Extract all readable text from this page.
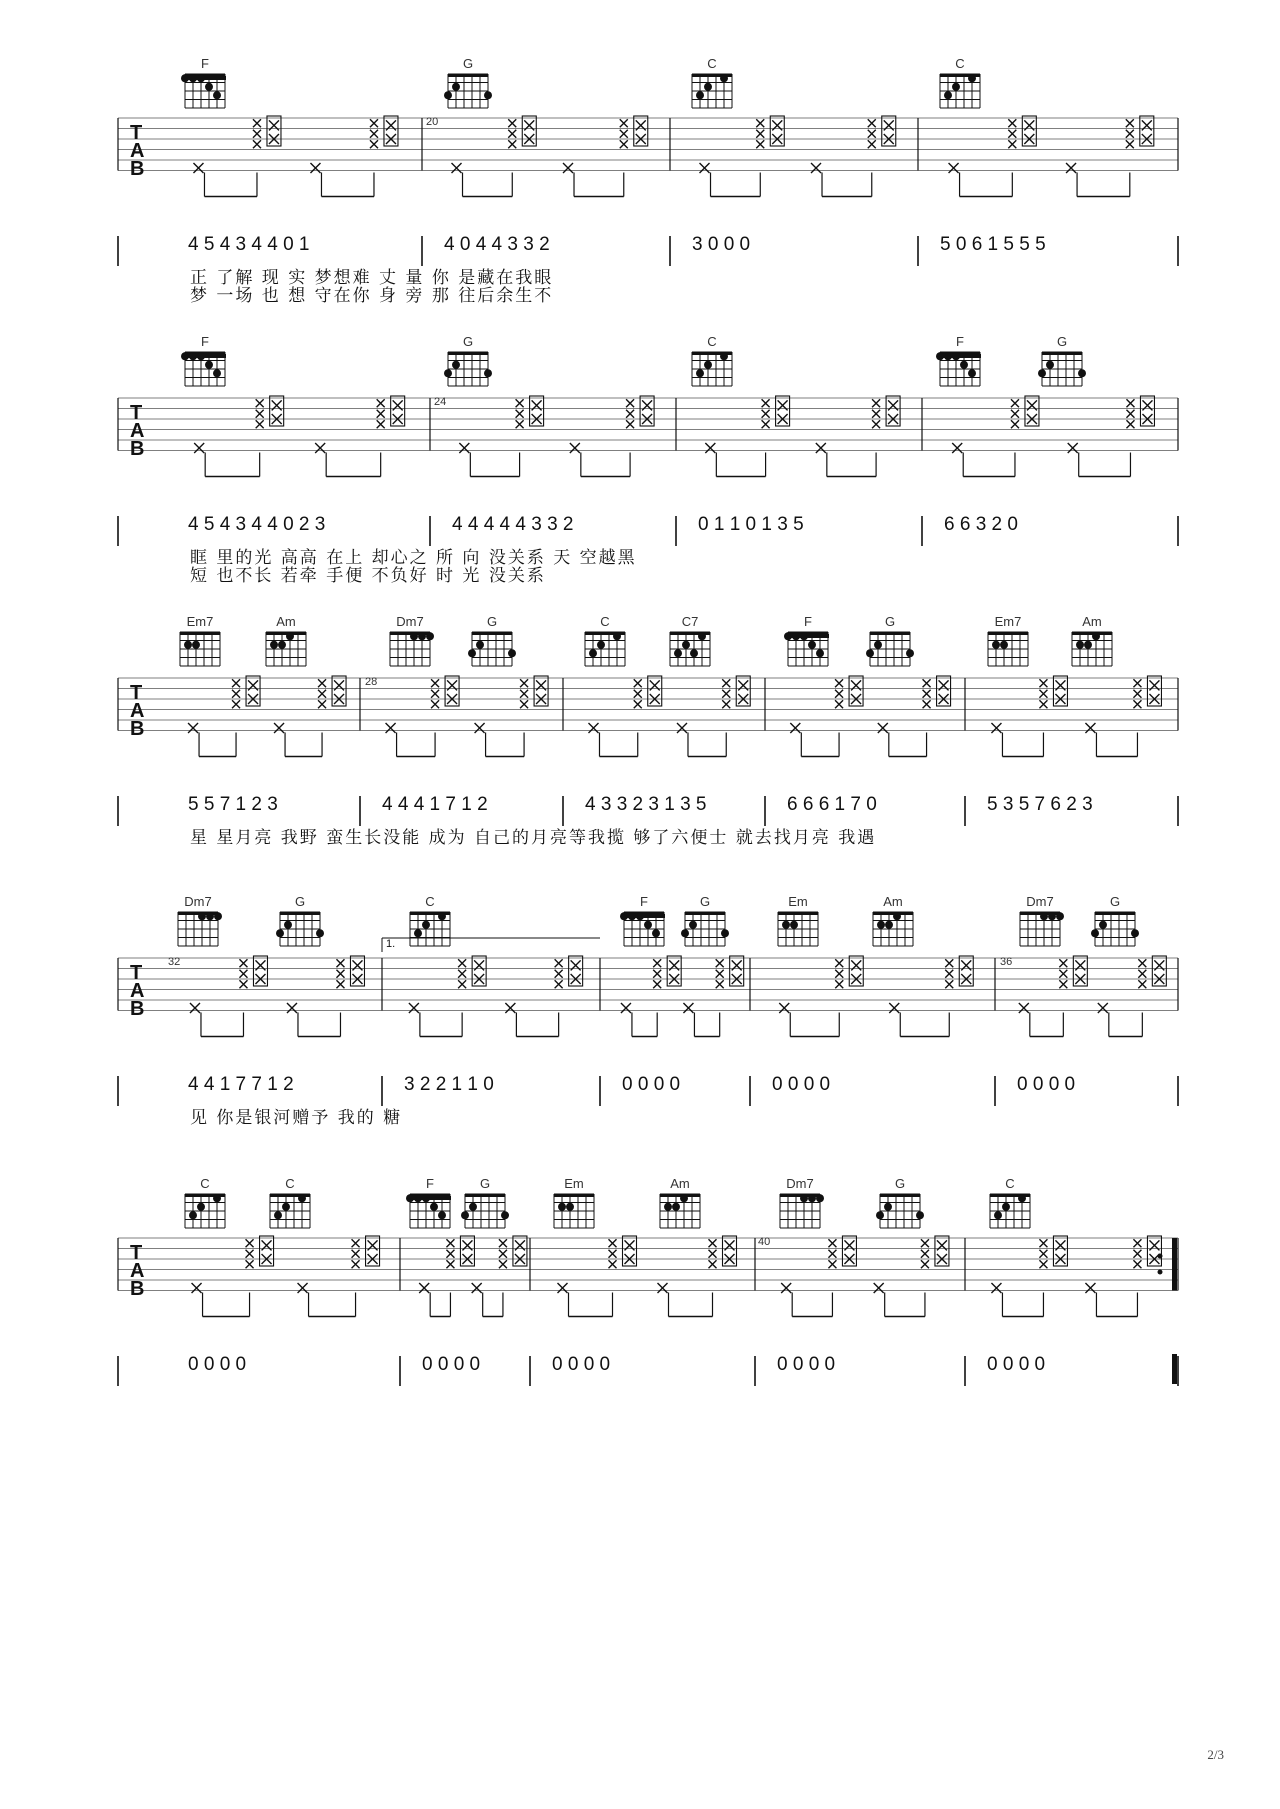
F	G	C	C
T
A
B
20
4 5 4 3 4 4 0 1	4 0 4 4 3 3 2	3 0 0 0	5 0 6 1 5 5 5
正 了解 现 实 梦想难 丈 量 你 是藏在我眼
梦 一场 也 想 守在你 身 旁 那 往后余生不
F	G	C	F	G
T
A
B
24
4 5 4 3 4 4 0 2 3	4 4 4 4 4 3 3 2	0 1 1 0 1 3 5	6 6 3 2 0
眶 里的光 高高 在上 却心之 所 向 没关系 天 空越黑
短 也不长 若牵 手便 不负好 时 光 没关系
Em7	Am	Dm7	G	C	C7	F	G	Em7	Am
T
A
B
28
5 5 7 1 2 3	4 4 4 1 7 1 2	4 3 3 2 3 1 3 5	6 6 6 1 7 0	5 3 5 7 6 2 3
星 星月亮 我野 蛮生长没能 成为 自己的月亮等我揽 够了六便士 就去找月亮 我遇
Dm7	G	C	F	G	Em	Am	Dm7	G
T
A
B
32	36
1.
4 4 1 7 7 1 2	3 2 2 1 1 0	0 0 0 0	0 0 0 0	0 0 0 0
见 你是银河赠予 我的 糖
C	C	F	G	Em	Am	Dm7	G	C
T
A
B
40
0 0 0 0	0 0 0 0	0 0 0 0	0 0 0 0	0 0 0 0
2/3
